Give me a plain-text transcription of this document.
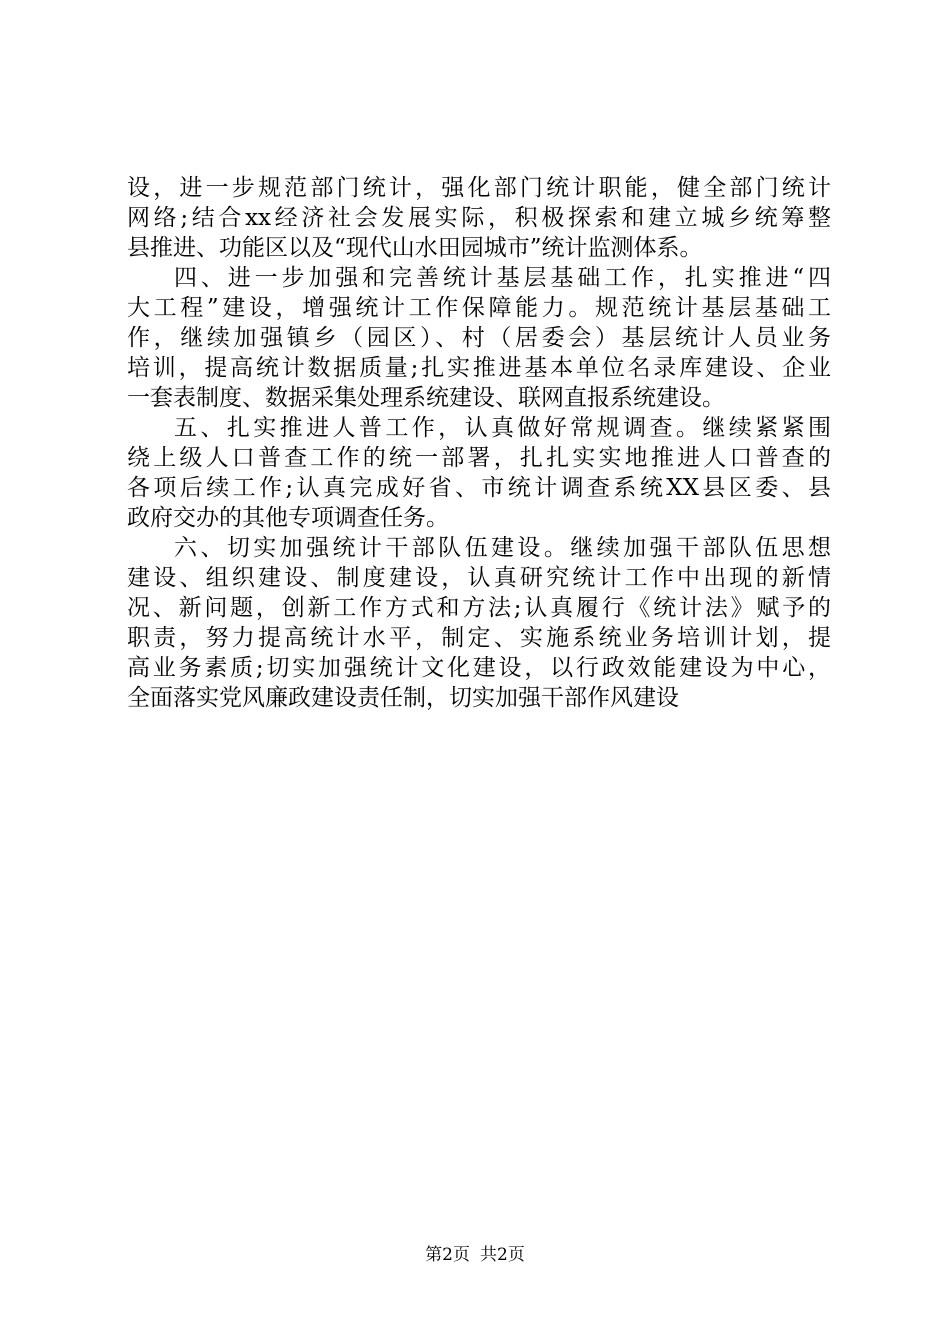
设，进一步规范部门统计，强化部门统计职能，健全部门统计
网络;结合xx经济社会发展实际，积极探索和建立城乡统筹整
县推进、功能区以及“现代山水田园城市”统计监测体系。
四、进一步加强和完善统计基层基础工作，扎实推进“四
大工程”建设，增强统计工作保障能力。规范统计基层基础工
作，继续加强镇乡（园区）、村（居委会）基层统计人员业务
培训，提高统计数据质量;扎实推进基本单位名录库建设、企业
一套表制度、数据采集处理系统建设、联网直报系统建设。
五、扎实推进人普工作，认真做好常规调查。继续紧紧围
绕上级人口普查工作的统一部署，扎扎实实地推进人口普查的
各项后续工作;认真完成好省、市统计调查系统XX县区委、县
政府交办的其他专项调查任务。
六、切实加强统计干部队伍建设。继续加强干部队伍思想
建设、组织建设、制度建设，认真研究统计工作中出现的新情
况、新问题，创新工作方式和方法;认真履行《统计法》赋予的
职责，努力提高统计水平，制定、实施系统业务培训计划，提
高业务素质;切实加强统计文化建设，以行政效能建设为中心，
全面落实党风廉政建设责任制，切实加强干部作风建设
第2页 共2页
